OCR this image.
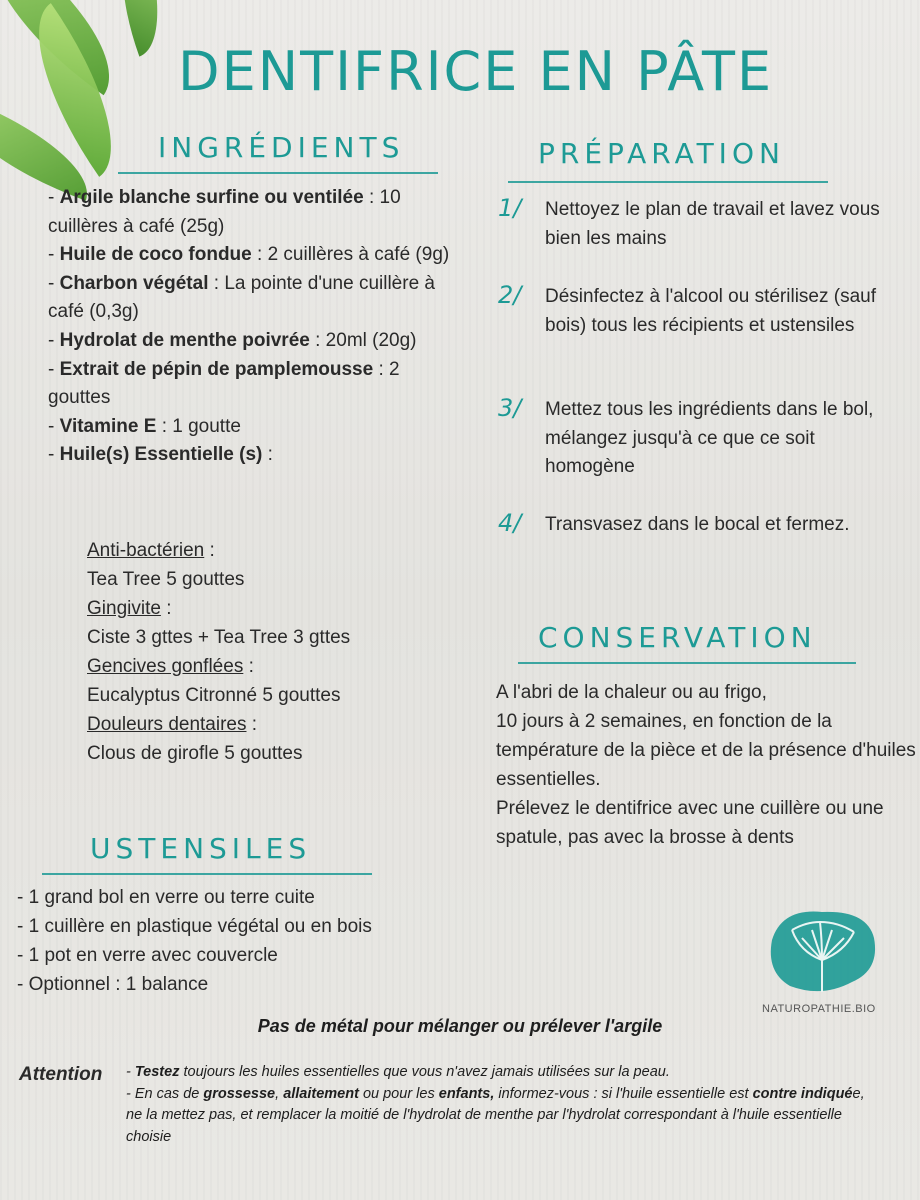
DENTIFRICE EN PÂTE
INGRÉDIENTS

- Argile blanche surfine ou ventilée : 10 cuillères à café (25g)

- Huile de coco fondue : 2 cuillères à café (9g)

- Charbon végétal : La pointe d'une cuillère à café (0,3g)

- Hydrolat de menthe poivrée : 20ml (20g)

- Extrait de pépin de pamplemousse : 2 gouttes

- Vitamine E : 1 goutte

- Huile(s) Essentielle (s) :

Anti-bactérien :
Tea Tree 5 gouttes
Gingivite :
Ciste 3 gttes + Tea Tree 3 gttes
Gencives gonflées :
Eucalyptus Citronné 5 gouttes
Douleurs dentaires :
Clous de girofle 5 gouttes
PRÉPARATION
1/ Nettoyez le plan de travail et lavez vous bien les mains
2/ Désinfectez à l'alcool ou stérilisez (sauf bois) tous les récipients et ustensiles
3/ Mettez tous les ingrédients dans le bol, mélangez jusqu'à ce que ce soit homogène
4/ Transvasez dans le bocal et fermez.
CONSERVATION
A l'abri de la chaleur ou au frigo,
10 jours à 2 semaines, en fonction de la température de la pièce et de la présence d'huiles essentielles.
Prélevez le dentifrice avec une cuillère ou une spatule, pas avec la brosse à dents
USTENSILES

- 1 grand bol en verre ou terre cuite

- 1 cuillère en plastique végétal ou en bois

- 1 pot en verre avec couvercle

- Optionnel : 1 balance

NATUROPATHIE.BIO
Pas de métal pour mélanger ou prélever l'argile
Attention - Testez toujours les huiles essentielles que vous n'avez jamais utilisées sur la peau.

- En cas de grossesse, allaitement ou pour les enfants, informez-vous : si l'huile essentielle est contre indiquée, ne la mettez pas, et remplacer la moitié de l'hydrolat de menthe par l'hydrolat correspondant à l'huile essentielle choisie
